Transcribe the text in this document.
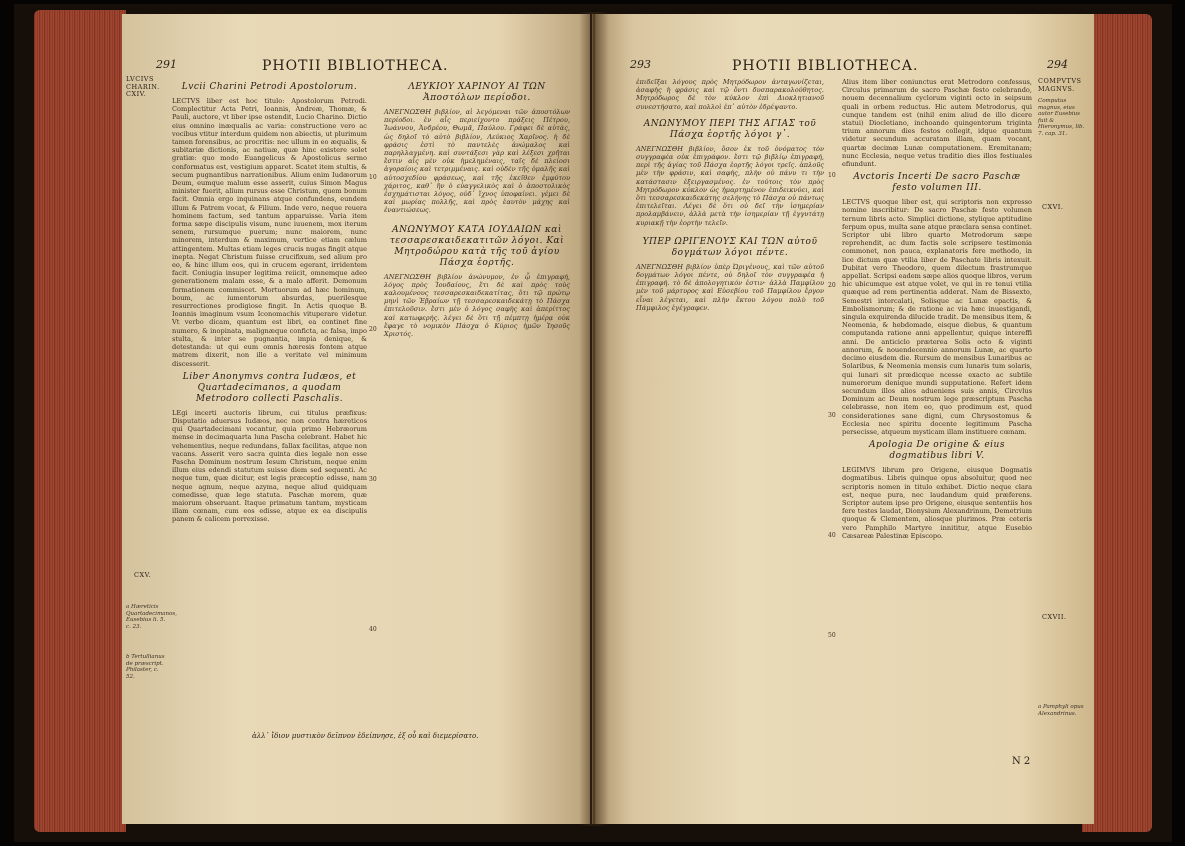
291	PHOTII BIBLIOTHECA.
LVCIVS CHARIN. CXIV.
Lvcii Charini Petrodi Apostolorum.

LECTVS liber est hoc titulo: Apostolorum Petrodi. Complectitur Acta Petri, Ioannis, Andreæ, Thomæ, & Pauli, auctore, vt liber ipse ostendit, Lucio Charino. Dictio eius omnino inæqualis ac varia: constructione vero ac vocibus vtitur interdum quidem non abiectis, ut plurimum tamen forensibus, ac procritis: nec ullum in eo æqualis, & subitariæ dictionis, ac natiuæ, quæ hinc existere solet gratiæ: quo modo Euangelicus & Apostolicus sermo conformatus est, vestigium apparet. Scatet item stultis, & secum pugnantibus narrationibus. Alium enim Iudæorum Deum, eumque malum esse asserit, cuius Simon Magus minister fuerit, alium rursus esse Christum, quem bonum facit. Omnia ergo inquinans atque confundens, eundem illum & Patrem vocat, & Filium. Inde vero, neque reuera hominem factum, sed tantum apparuisse. Varia item forma sæpe discipulis visum, nunc iuuenem, mox iterum senem, rursumque puerum; nunc maiorem, nunc minorem, interdum & maximum, vertice etiam cælum attingentem. Multas etiam leges crucis nugas fingit atque inepta. Negat Christum fuisse crucifixum, sed alium pro eo, & hinc illum eos, qui in crucem egerant, irridentem facit. Coniugia insuper legitima reiicit, omnemque adeo generationem malam esse, & a malo afferit. Demonum formationem commiscet. Mortuorum ad hæc hominum, boum, ac iumentorum absurdas, puerilesque resurrectiones prodigiose fingit. In Actis quoque B. Ioannis imaginum vsum Iconomachis vituperare videtur. Vt verbo dicam, quantum est libri, ea continet fine numero, & inopinata, malignæque conficta, ac falsa, impo stulta, & inter se pugnantia, impia denique, & detestanda: ut qui eum omnis hæresis fontem atque matrem dixerit, non ille a veritate vel minimum discesserit.

Liber Anonymvs contra Iudæos, et Quartadecimanos, a quodam Metrodoro collecti Paschalis.

LEgi incerti auctoris librum, cui titulus præfixus: Disputatio aduersus Iudæos, nec non contra hæreticos qui Quartadecimani vocantur, quia primo Hebræorum mense in decimaquarta luna Pascha celebrant. Habet hic vehementius, neque redundans, fallax facilitas, atque non vacans. Asserit vero sacra quinta dies legale non esse Pascha Dominum nostrum Iesum Christum, neque enim illum eius edendi statutum suisse diem sed sequenti. Ac neque tum, quæ dicitur, est legis præceptio edisse, nam neque agnum, neque azyma, neque aliud quidquam comedisse, quæ lege statuta. Paschæ morem, quæ maiorum obseruant. Itaque primatum tantum, mysticam illam cœnam, cum eos edisse, atque ex ea discipulis panem & calicem porrexisse.

CXV.
a Hæreticis Quartadecimanos, Eusebius li. 5. c. 23.
b Tertullianus de præscript. Philaster, c. 52.
10
20
30
40
ΛΕΥΚΙΟΥ ΧΑΡΙΝΟΥ ΑΙ ΤΩΝ Ἀποστόλων περίοδοι.

ΑΝΕΓΝΩΣΘΗ βιβλίον, αἱ λεγόμεναι τῶν ἀποστόλων περίοδοι. ἐν αἷς περιείχοντο πράξεις Πέτρου, Ἰωάννου, Ἀνδρέου, Θωμᾶ, Παύλου. Γράφει δὲ αὐτὰς, ὡς δηλοῖ τὸ αὐτὸ βιβλίον, Λεύκιος Χαρῖνος. ἡ δὲ φράσις ἐστὶ τὸ παντελὲς ἀνώμαλος καὶ παρηλλαγμένη. καὶ συντάξεσι γὰρ καὶ λέξεσι χρῆται ἔστιν αἷς μὲν οὐκ ἠμελημέναις, ταῖς δὲ πλείοσι ἀγοραίοις καὶ τετριμμέναις. καὶ οὐδὲν τῆς ὁμαλῆς καὶ αὐτοσχεδίου φράσεως, καὶ τῆς ἐκεῖθεν ἐμφύτου χάριτος, καθ᾽ ἣν ὁ εὐαγγελικὸς καὶ ὁ ἀποστολικὸς ἐσχημάτισται λόγος, οὐδ᾽ ἴχνος ὑποφαίνει. γέμει δὲ καὶ μωρίας πολλῆς, καὶ πρὸς ἑαυτὸν μάχης καὶ ἐναντιώσεως.

ΑΝΩΝΥΜΟΥ ΚΑΤΑ ΙΟΥΔΑΙΩΝ καὶ τεσσαρεσκαιδεκατιτῶν λόγοι. Καὶ Μητροδώρου κατὰ τῆς τοῦ ἁγίου Πάσχα ἑορτῆς.

ΑΝΕΓΝΩΣΘΗ βιβλίον ἀνώνυμον, ἐν ᾧ ἐπιγραφή, λόγος πρὸς Ἰουδαίους, ἔτι δὲ καὶ πρὸς τοὺς καλουμένους τεσσαρεσκαιδεκατίτας, ὅτι τῷ πρώτῳ μηνὶ τῶν Ἑβραίων τῇ τεσσαρεσκαιδεκάτῃ τὸ Πάσχα ἐπιτελοῦσιν. ἔστι μὲν ὁ λόγος σαφὴς καὶ ἀπερίττος καὶ κατωφερής. λέγει δὲ ὅτι τῇ πέμπτῃ ἡμέρᾳ οὐκ ἔφαγε τὸ νομικὸν Πάσχα ὁ Κύριος ἡμῶν Ἰησοῦς Χριστός.

ἀλλ᾽ ἴδιον μυστικὸν δεῖπνον ἐδείπνησε, ἐξ οὗ καὶ διεμερίσατο.
293	PHOTII BIBLIOTHECA.	294

ἐπιδεῖξαι λόγους πρὸς Μητρόδωρον ἀνταγωνίζεται, ἀσαφὴς ἡ φράσις καὶ τῷ ὄντι δυσπαρακολούθητος. Μητρόδωρος δὲ τὸν κύκλον ἐπὶ Διοκλητιανοῦ συνεστήσατο, καὶ πολλοὶ ἐπ᾽ αὐτὸν ἐδρέψαντο.

ΑΝΩΝΥΜΟΥ ΠΕΡΙ ΤΗΣ ΑΓΙΑΣ τοῦ Πάσχα ἑορτῆς λόγοι γ᾽.

ΑΝΕΓΝΩΣΘΗ βιβλίον, ὅσον ἐκ τοῦ ὀνόματος τὸν συγγραφέα οὐκ ἐπιγράφον. ἔστι τῷ βιβλίῳ ἐπιγραφή, περὶ τῆς ἁγίας τοῦ Πάσχα ἑορτῆς λόγοι τρεῖς. ἁπλοῦς μὲν τὴν φράσιν, καὶ σαφὴς, πλὴν οὐ πάνυ τι τὴν κατάστασιν ἐξειργασμένος. ἐν τούτοις τὸν πρὸς Μητρόδωρον κύκλον ὡς ἡμαρτημένον ἐπιδεικνύει, καὶ ὅτι τεσσαρεσκαιδεκάτης σελήνης τὸ Πάσχα οὐ πάντως ἐπιτελεῖται. Λέγει δὲ ὅτι οὐ δεῖ τὴν ἰσημερίαν προλαμβάνειν, ἀλλὰ μετὰ τὴν ἰσημερίαν τῇ ἐγγυτάτῃ κυριακῇ τὴν ἑορτὴν τελεῖν.

ΥΠΕΡ ΩΡΙΓΕΝΟΥΣ ΚΑΙ ΤΩΝ αὐτοῦ δογμάτων λόγοι πέντε.

ΑΝΕΓΝΩΣΘΗ βιβλίον ὑπὲρ Ὠριγένους, καὶ τῶν αὐτοῦ δογμάτων λόγοι πέντε, οὐ δηλοῖ τὸν συγγραφέα ἡ ἐπιγραφή. τὸ δὲ ἀπολογητικόν ἐστιν· ἀλλὰ Παμφίλου μὲν τοῦ μάρτυρος καὶ Εὐσεβίου τοῦ Παμφίλου ἔργον εἶναι λέγεται, καὶ πλὴν ἕκτου λόγου πολὺ τοῦ Πάμφιλος ἐγέγραφεν.

10
20
30
40
50

Alius item liber coniunctus erat Metrodoro confessus, Circulus primarum de sacro Paschæ festo celebrando, nouem decennalium cyclorum viginti octo in seipsum quali in orbem reductus. Hic autem Metrodorus, qui cunque tandem est (nihil enim aliud de illo dicere statui) Diocletiano, inchoando quingentorum triginta trium annorum dies festos collegit, idque quantum videtur secundum accuratam illam, quam vocant, quartæ decimæ Lunæ computationem. Eremitanam; nunc Ecclesia, neque vetus traditio dies illos festiuales efiundunt.

Avctoris Incerti De sacro Paschæ festo volumen III.

LECTVS quoque liber est, qui scriptoris non expresso nomine inscribitur: De sacro Paschæ festo volumen ternum libris acto. Simplici dictione, stylique aptitudine ferpum opus, multa sane atque præclara sensa continet. Scriptor ubi libro quarto Metrodorum sæpe reprehendit, ac dum factis sole scripsere testimonia commonet, non pauca, explanatoris fere methodo, in lice dictum quæ vtilia liber de Paschate libris intexuit. Dubitat vero Theodoro, quem dilectum frastrumque appellat. Scripsi eadem sæpe alios quoque libros, verum hic ubicumque est atque volet, ve qui in re tenui vtilia quæque ad rem pertinentia adderat. Nam de Bissexto, Semestri intercalati, Solisque ac Lunæ epactis, & Embolismorum; & de ratione ac via hæc inuestigandi, singula exquirenda dilucide tradit. De mensibus item, & Neomenia, & hebdomade, eisque diebus, & quantum computanda ratione anni appellentur, quique intereffi anni. De anticiclo præterea Solis octo & viginti annorum, & nouendecennio annorum Lunæ, ac quarto decimo eiusdem die. Rursum de mensibus Lunaribus ac Solaribus, & Neomenia mensis cum lunaris tum solaris, qui lunari sit prædicque ncesse exacto ac subtile numerorum denique mundi supputatione. Refert idem secundum illos alios adueniens suis annis, Circvlus Dominum ac Deum nostrum lege præscriptum Pascha celebrasse, non item eo, quo prodimum est, quod considerationes sane digni, cum Chrysostomus & Ecclesia nec spiritu docente legitimum Pascha persecisse, atqueum mysticam illam instituere cœnam.

Apologia De origine & eius dogmatibus libri V.

LEGIMVS librum pro Origene, eiusque Dogmatis dogmatibus. Libris quinque opus absoluitur, quod nec scriptoris nomen in titulo exhibet. Dictio neque clara est, neque pura, nec laudandum quid præferens. Scriptor autem ipse pro Origene, eiusque sententiis hos fere testes laudat, Dionysium Alexandrinum, Demetrium quoque & Clementem, aliosque plurimos. Præ ceteris vero Pamphilo Martyre innititur, atque Eusebio Cæsareæ Palestinæ Episcopo.

COMPVTVS MAGNVS.
Computus magnus, eius autor Eusebius fuit & Hieronymus, lib. 7. cap. 31.
CXVI.
CXVII.
a Pamphyli opus Alexandrinus.
N 2
